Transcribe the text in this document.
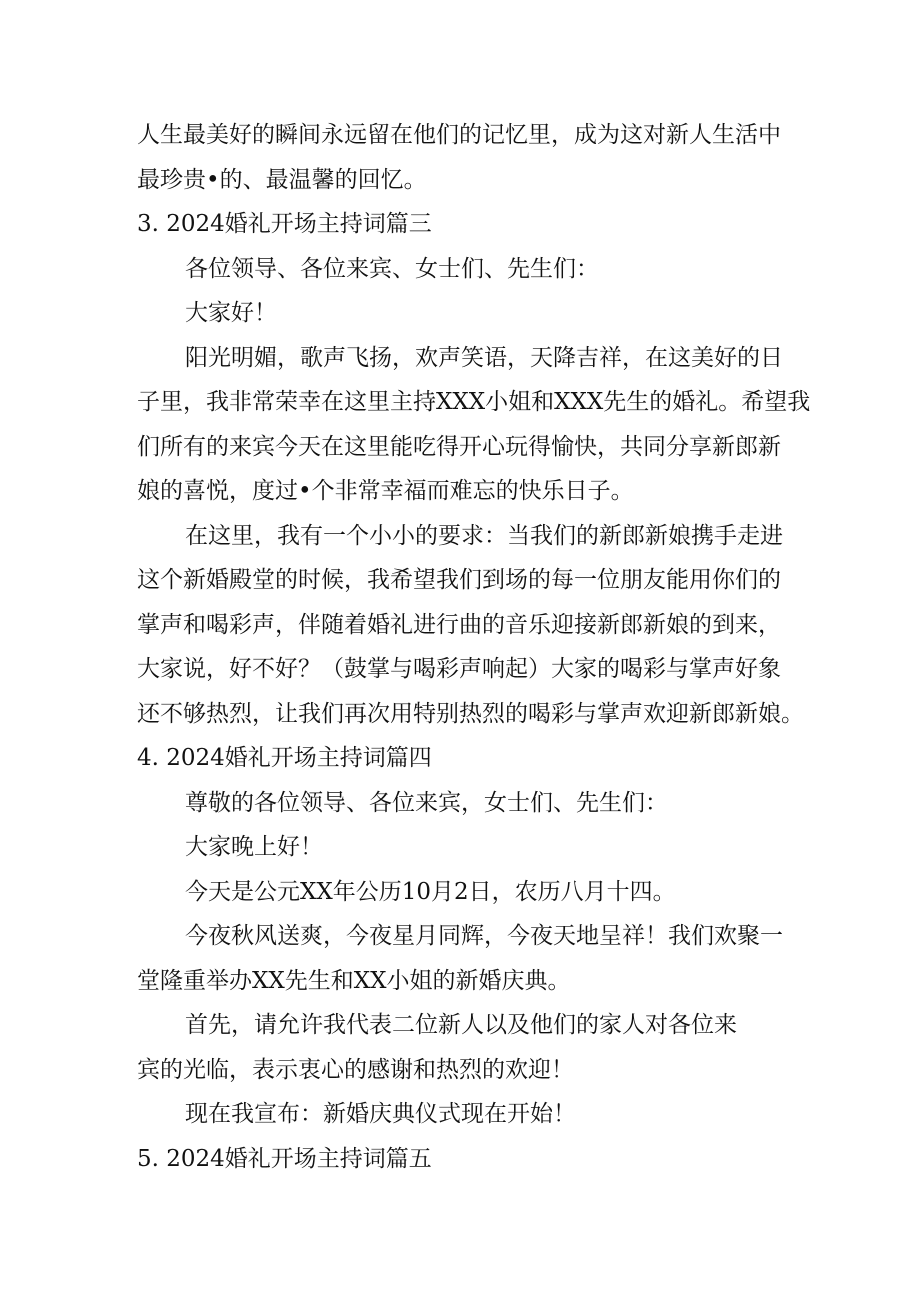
人生最美好的瞬间永远留在他们的记忆里，成为这对新人生活中
最珍贵•的、最温馨的回忆。
3. 2024婚礼开场主持词篇三
各位领导、各位来宾、女士们、先生们：
大家好！
阳光明媚，歌声飞扬，欢声笑语，天降吉祥，在这美好的日
子里，我非常荣幸在这里主持XXX小姐和XXX先生的婚礼。希望我
们所有的来宾今天在这里能吃得开心玩得愉快，共同分享新郎新
娘的喜悦，度过•个非常幸福而难忘的快乐日子。
在这里，我有一个小小的要求：当我们的新郎新娘携手走进
这个新婚殿堂的时候，我希望我们到场的每一位朋友能用你们的
掌声和喝彩声，伴随着婚礼进行曲的音乐迎接新郎新娘的到来，
大家说，好不好？（鼓掌与喝彩声响起）大家的喝彩与掌声好象
还不够热烈，让我们再次用特别热烈的喝彩与掌声欢迎新郎新娘。
4. 2024婚礼开场主持词篇四
尊敬的各位领导、各位来宾，女士们、先生们：
大家晚上好！
今天是公元XX年公历10月2日，农历八月十四。
今夜秋风送爽，今夜星月同辉，今夜天地呈祥！我们欢聚一
堂隆重举办XX先生和XX小姐的新婚庆典。
首先，请允许我代表二位新人以及他们的家人对各位来
宾的光临，表示衷心的感谢和热烈的欢迎！
现在我宣布：新婚庆典仪式现在开始！
5. 2024婚礼开场主持词篇五
